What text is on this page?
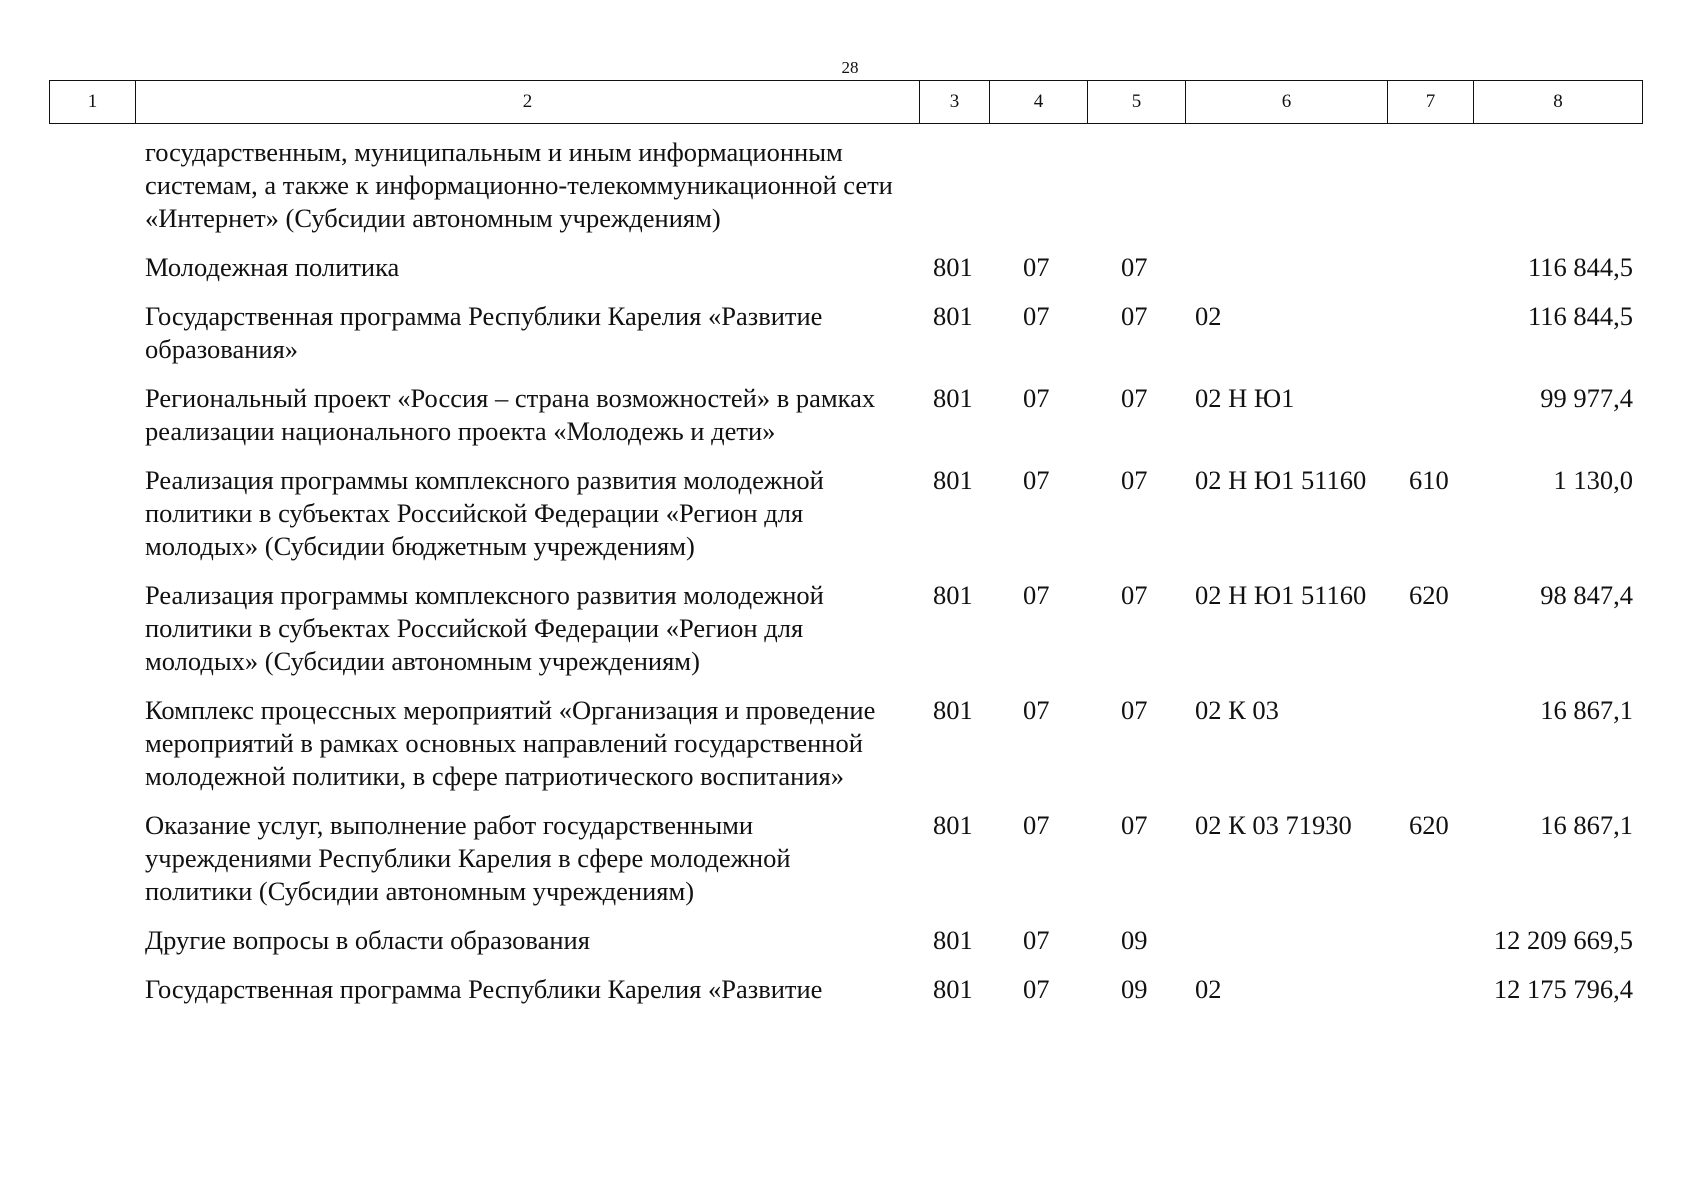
28
1	2	3	4	5	6	7	8
	государственным, муниципальным и иным информационным системам, а также к информационно-телекоммуникационной сети «Интернет» (Субсидии автономным учреждениям)						
	Молодежная политика	801	07	07			116 844,5
	Государственная программа Республики Карелия «Развитие образования»	801	07	07	02		116 844,5
	Региональный проект «Россия – страна возможностей» в рамках реализации национального проекта «Молодежь и дети»	801	07	07	02 Н Ю1		99 977,4
	Реализация программы комплексного развития молодежной политики в субъектах Российской Федерации «Регион для молодых» (Субсидии бюджетным учреждениям)	801	07	07	02 Н Ю1 51160	610	1 130,0
	Реализация программы комплексного развития молодежной политики в субъектах Российской Федерации «Регион для молодых» (Субсидии автономным учреждениям)	801	07	07	02 Н Ю1 51160	620	98 847,4
	Комплекс процессных мероприятий «Организация и проведение мероприятий в рамках основных направлений государственной молодежной политики, в сфере патриотического воспитания»	801	07	07	02 К 03		16 867,1
	Оказание услуг, выполнение работ государственными учреждениями Республики Карелия в сфере молодежной политики (Субсидии автономным учреждениям)	801	07	07	02 К 03 71930	620	16 867,1
	Другие вопросы в области образования	801	07	09			12 209 669,5
	Государственная программа Республики Карелия «Развитие	801	07	09	02		12 175 796,4
